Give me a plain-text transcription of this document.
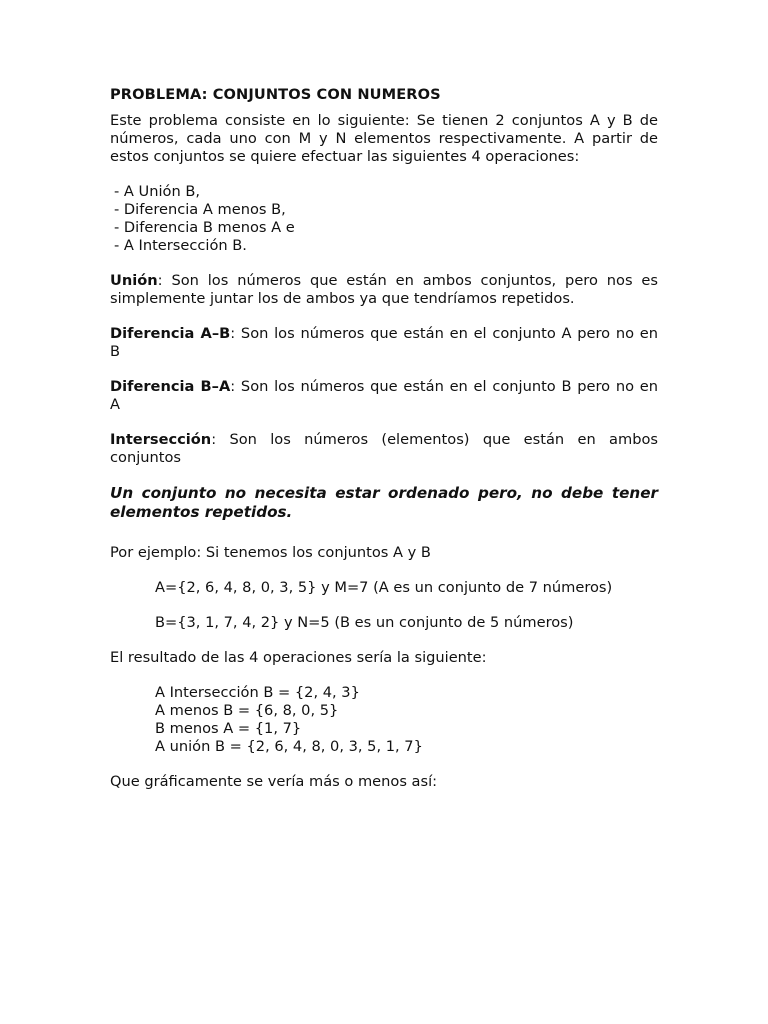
PROBLEMA: CONJUNTOS CON NUMEROS

Este problema consiste en lo siguiente: Se tienen 2 conjuntos A y B de números, cada uno con M y N elementos respectivamente. A partir de estos conjuntos se quiere efectuar las siguientes 4 operaciones:

- A Unión B,
- Diferencia A menos B,
- Diferencia B menos A e
- A Intersección B.

Unión: Son los números que están en ambos conjuntos, pero nos es simplemente juntar los de ambos ya que tendríamos repetidos.

Diferencia A–B: Son los números que están en el conjunto A pero no en B

Diferencia B–A: Son los números que están en el conjunto B pero no en A

Intersección: Son los números (elementos) que están en ambos conjuntos

Un conjunto no necesita estar ordenado pero, no debe tener elementos repetidos.

Por ejemplo: Si tenemos los conjuntos A y B

A={2, 6, 4, 8, 0, 3, 5} y M=7 (A es un conjunto de 7 números)

B={3, 1, 7, 4, 2} y N=5 (B es un conjunto de 5 números)

El resultado de las 4 operaciones sería la siguiente:

A Intersección B = {2, 4, 3}
A menos B = {6, 8, 0, 5}
B menos A = {1, 7}
A unión B = {2, 6, 4, 8, 0, 3, 5, 1, 7}

Que gráficamente se vería más o menos así:
